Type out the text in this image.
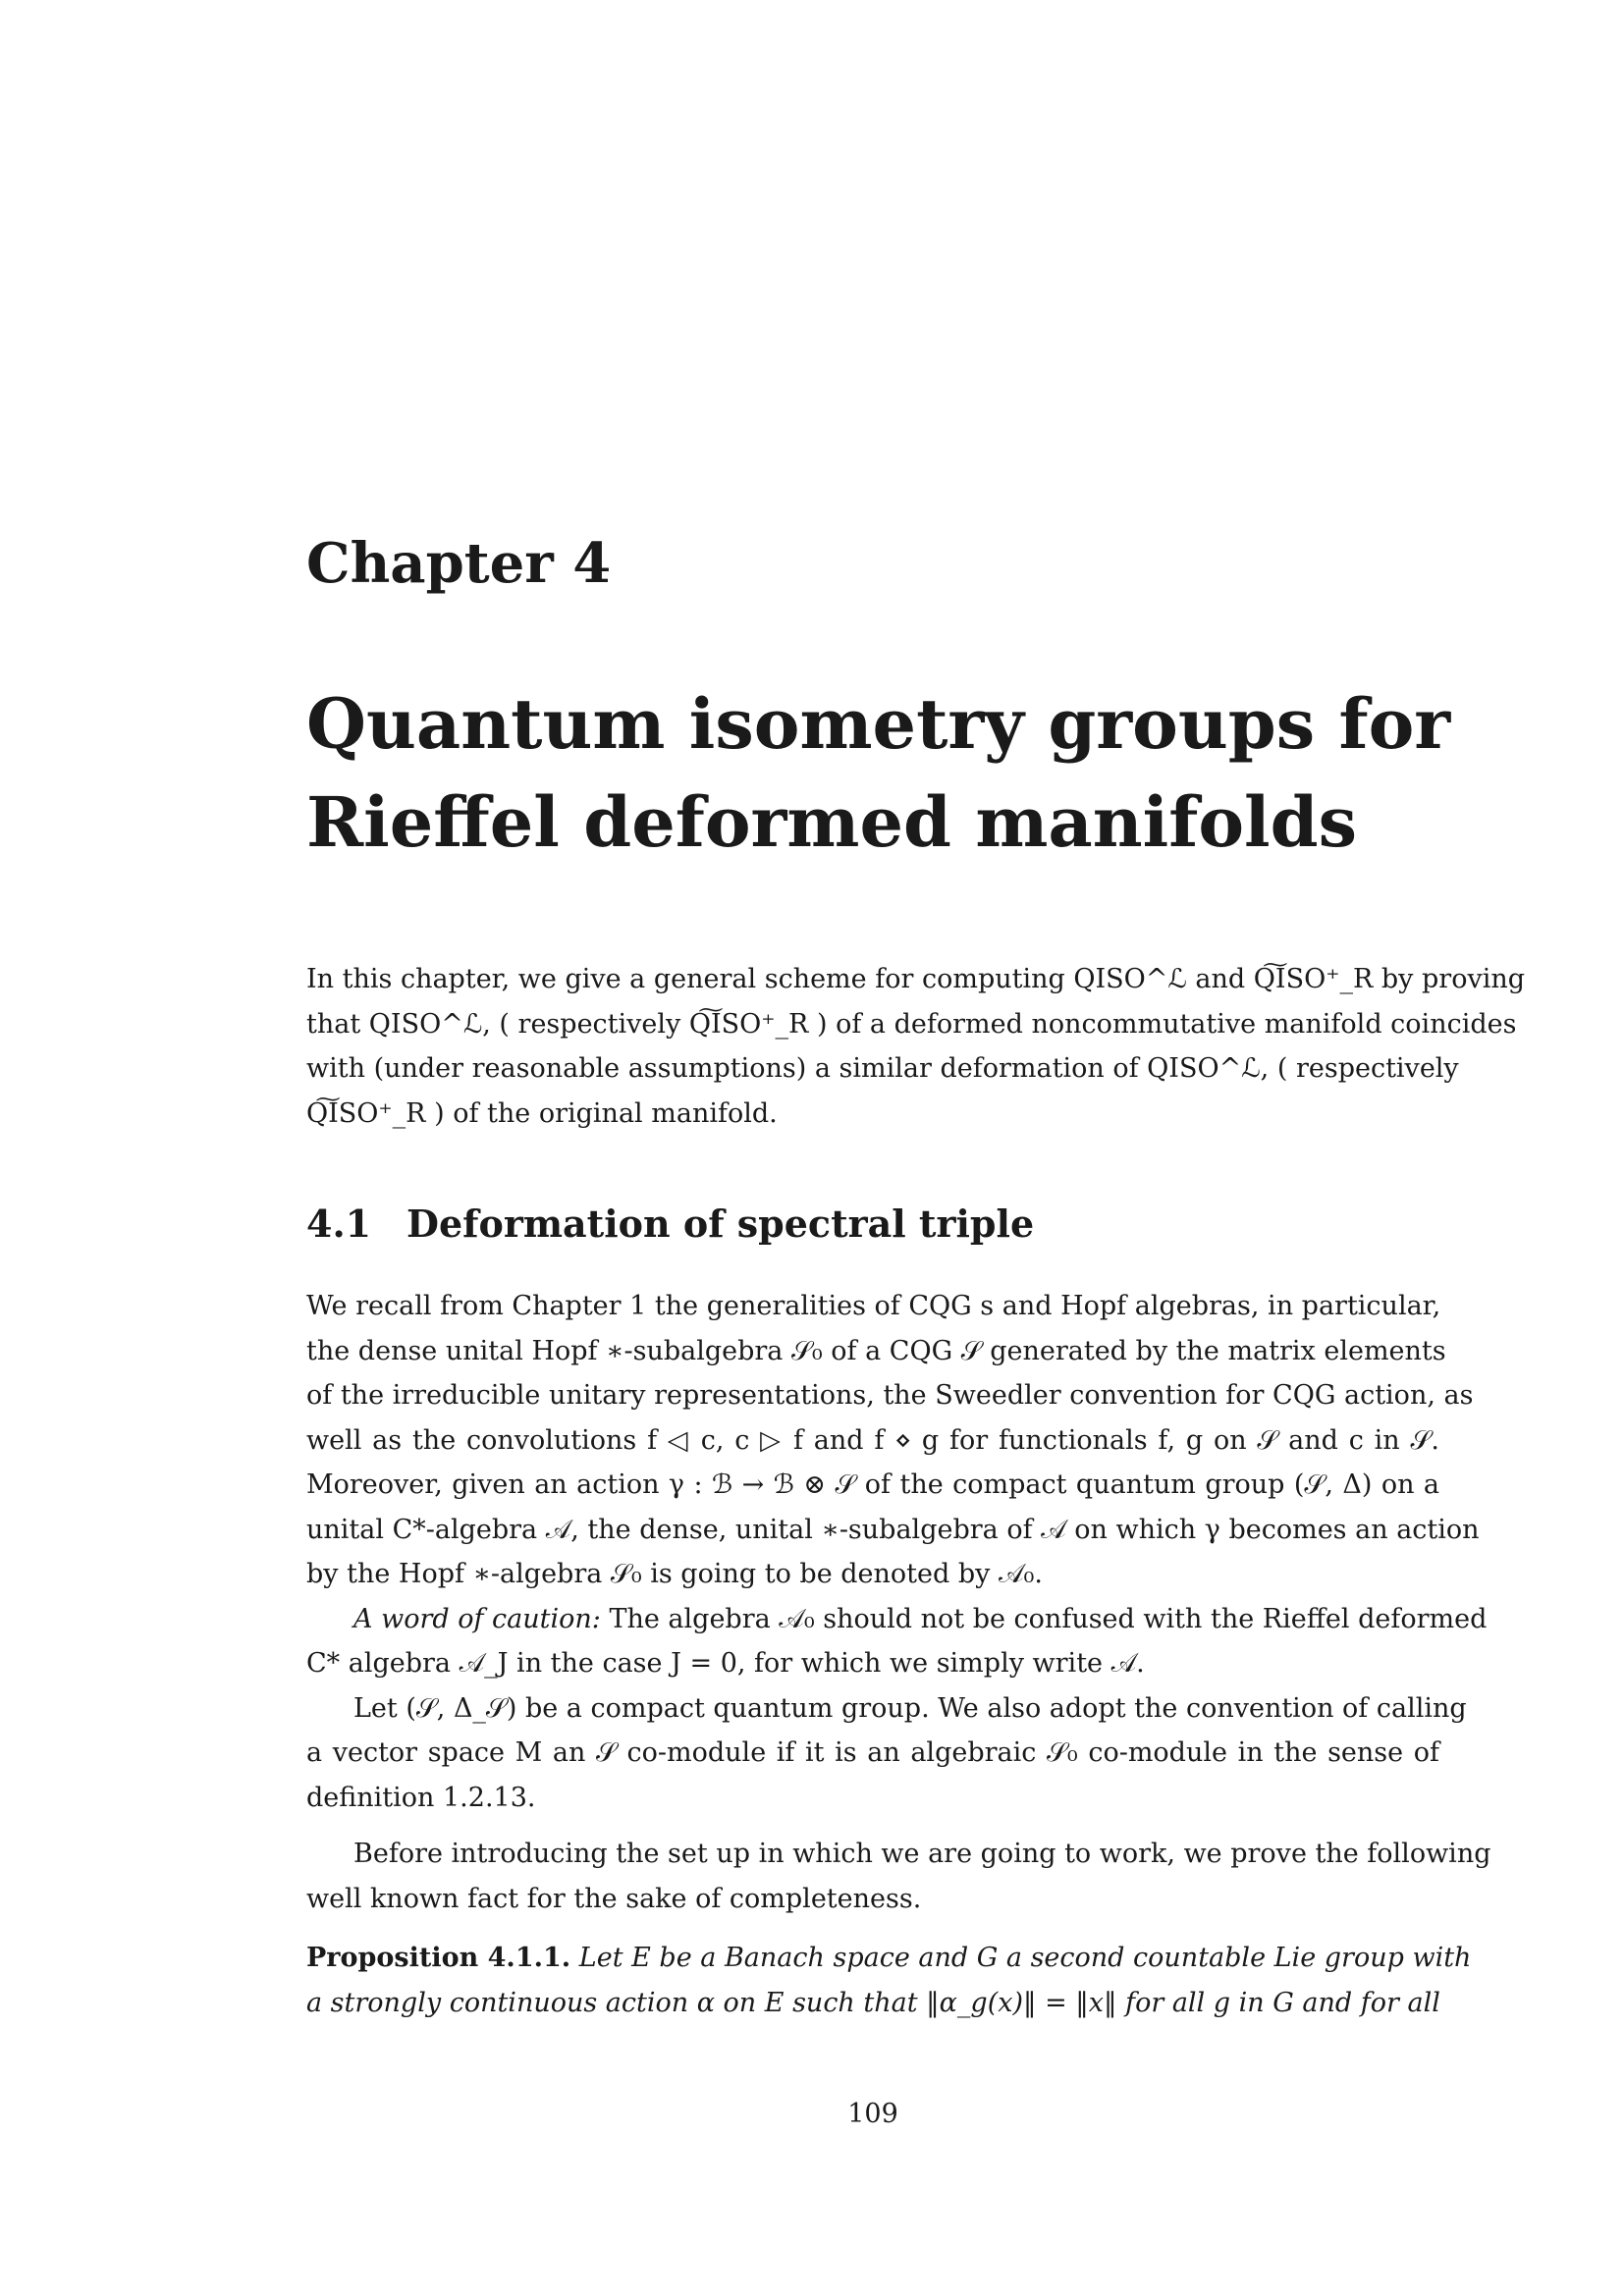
Chapter 4
Quantum isometry groups for
Rieffel deformed manifolds
In this chapter, we give a general scheme for computing QISO^ℒ and Q͠ISO⁺_R by proving
that QISO^ℒ, ( respectively Q͠ISO⁺_R ) of a deformed noncommutative manifold coincides
with (under reasonable assumptions) a similar deformation of QISO^ℒ, ( respectively
Q͠ISO⁺_R ) of the original manifold.
4.1 Deformation of spectral triple
We recall from Chapter 1 the generalities of CQG s and Hopf algebras, in particular,
the dense unital Hopf ∗-subalgebra 𝒮₀ of a CQG 𝒮 generated by the matrix elements
of the irreducible unitary representations, the Sweedler convention for CQG action, as
well as the convolutions f ◁ c, c ▷ f and f ⋄ g for functionals f, g on 𝒮 and c in 𝒮.
Moreover, given an action γ : ℬ → ℬ ⊗ 𝒮 of the compact quantum group (𝒮, Δ) on a
unital C*-algebra 𝒜, the dense, unital ∗-subalgebra of 𝒜 on which γ becomes an action
by the Hopf ∗-algebra 𝒮₀ is going to be denoted by 𝒜₀.
A word of caution: The algebra 𝒜₀ should not be confused with the Rieffel deformed
C* algebra 𝒜_J in the case J = 0, for which we simply write 𝒜.
Let (𝒮, Δ_𝒮) be a compact quantum group. We also adopt the convention of calling
a vector space M an 𝒮 co-module if it is an algebraic 𝒮₀ co-module in the sense of
definition 1.2.13.
Before introducing the set up in which we are going to work, we prove the following
well known fact for the sake of completeness.
Proposition 4.1.1. Let E be a Banach space and G a second countable Lie group with
a strongly continuous action α on E such that ‖α_g(x)‖ = ‖x‖ for all g in G and for all
109
